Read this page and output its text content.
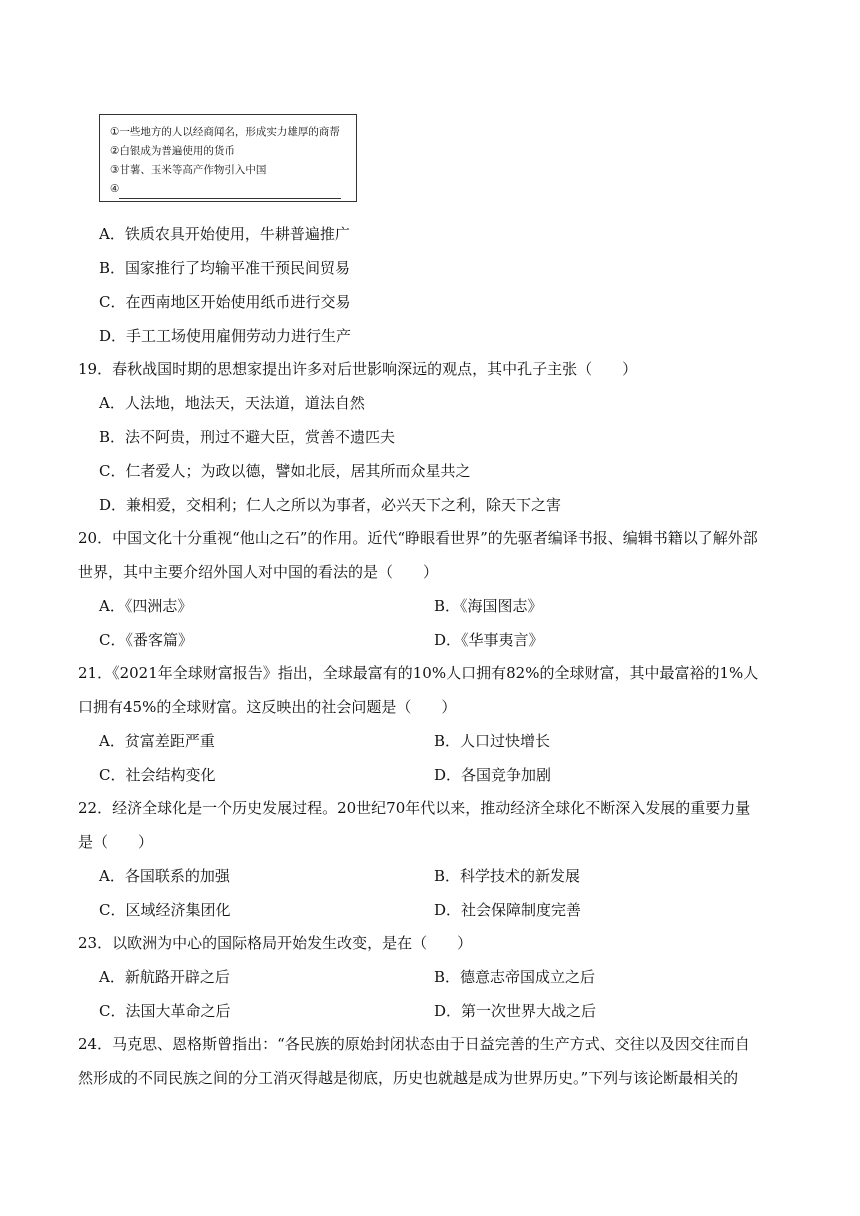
①一些地方的人以经商闻名，形成实力雄厚的商帮
②白银成为普遍使用的货币
③甘薯、玉米等高产作物引入中国
④
A．铁质农具开始使用，牛耕普遍推广
B．国家推行了均输平准干预民间贸易
C．在西南地区开始使用纸币进行交易
D．手工工场使用雇佣劳动力进行生产
19．春秋战国时期的思想家提出许多对后世影响深远的观点，其中孔子主张（　　）
A．人法地，地法天，天法道，道法自然
B．法不阿贵，刑过不避大臣，赏善不遗匹夫
C．仁者爱人；为政以德，譬如北辰，居其所而众星共之
D．兼相爱，交相利；仁人之所以为事者，必兴天下之利，除天下之害
20．中国文化十分重视“他山之石”的作用。近代“睁眼看世界”的先驱者编译书报、编辑书籍以了解外部
世界，其中主要介绍外国人对中国的看法的是（　　）
A．《四洲志》	B．《海国图志》
C．《番客篇》	D．《华事夷言》
21．《2021年全球财富报告》指出，全球最富有的10%人口拥有82%的全球财富，其中最富裕的1%人
口拥有45%的全球财富。这反映出的社会问题是（　　）
A．贫富差距严重	B．人口过快增长
C．社会结构变化	D．各国竞争加剧
22．经济全球化是一个历史发展过程。20世纪70年代以来，推动经济全球化不断深入发展的重要力量
是（　　）
A．各国联系的加强	B．科学技术的新发展
C．区域经济集团化	D．社会保障制度完善
23．以欧洲为中心的国际格局开始发生改变，是在（　　）
A．新航路开辟之后	B．德意志帝国成立之后
C．法国大革命之后	D．第一次世界大战之后
24．马克思、恩格斯曾指出：“各民族的原始封闭状态由于日益完善的生产方式、交往以及因交往而自
然形成的不同民族之间的分工消灭得越是彻底，历史也就越是成为世界历史。”下列与该论断最相关的
